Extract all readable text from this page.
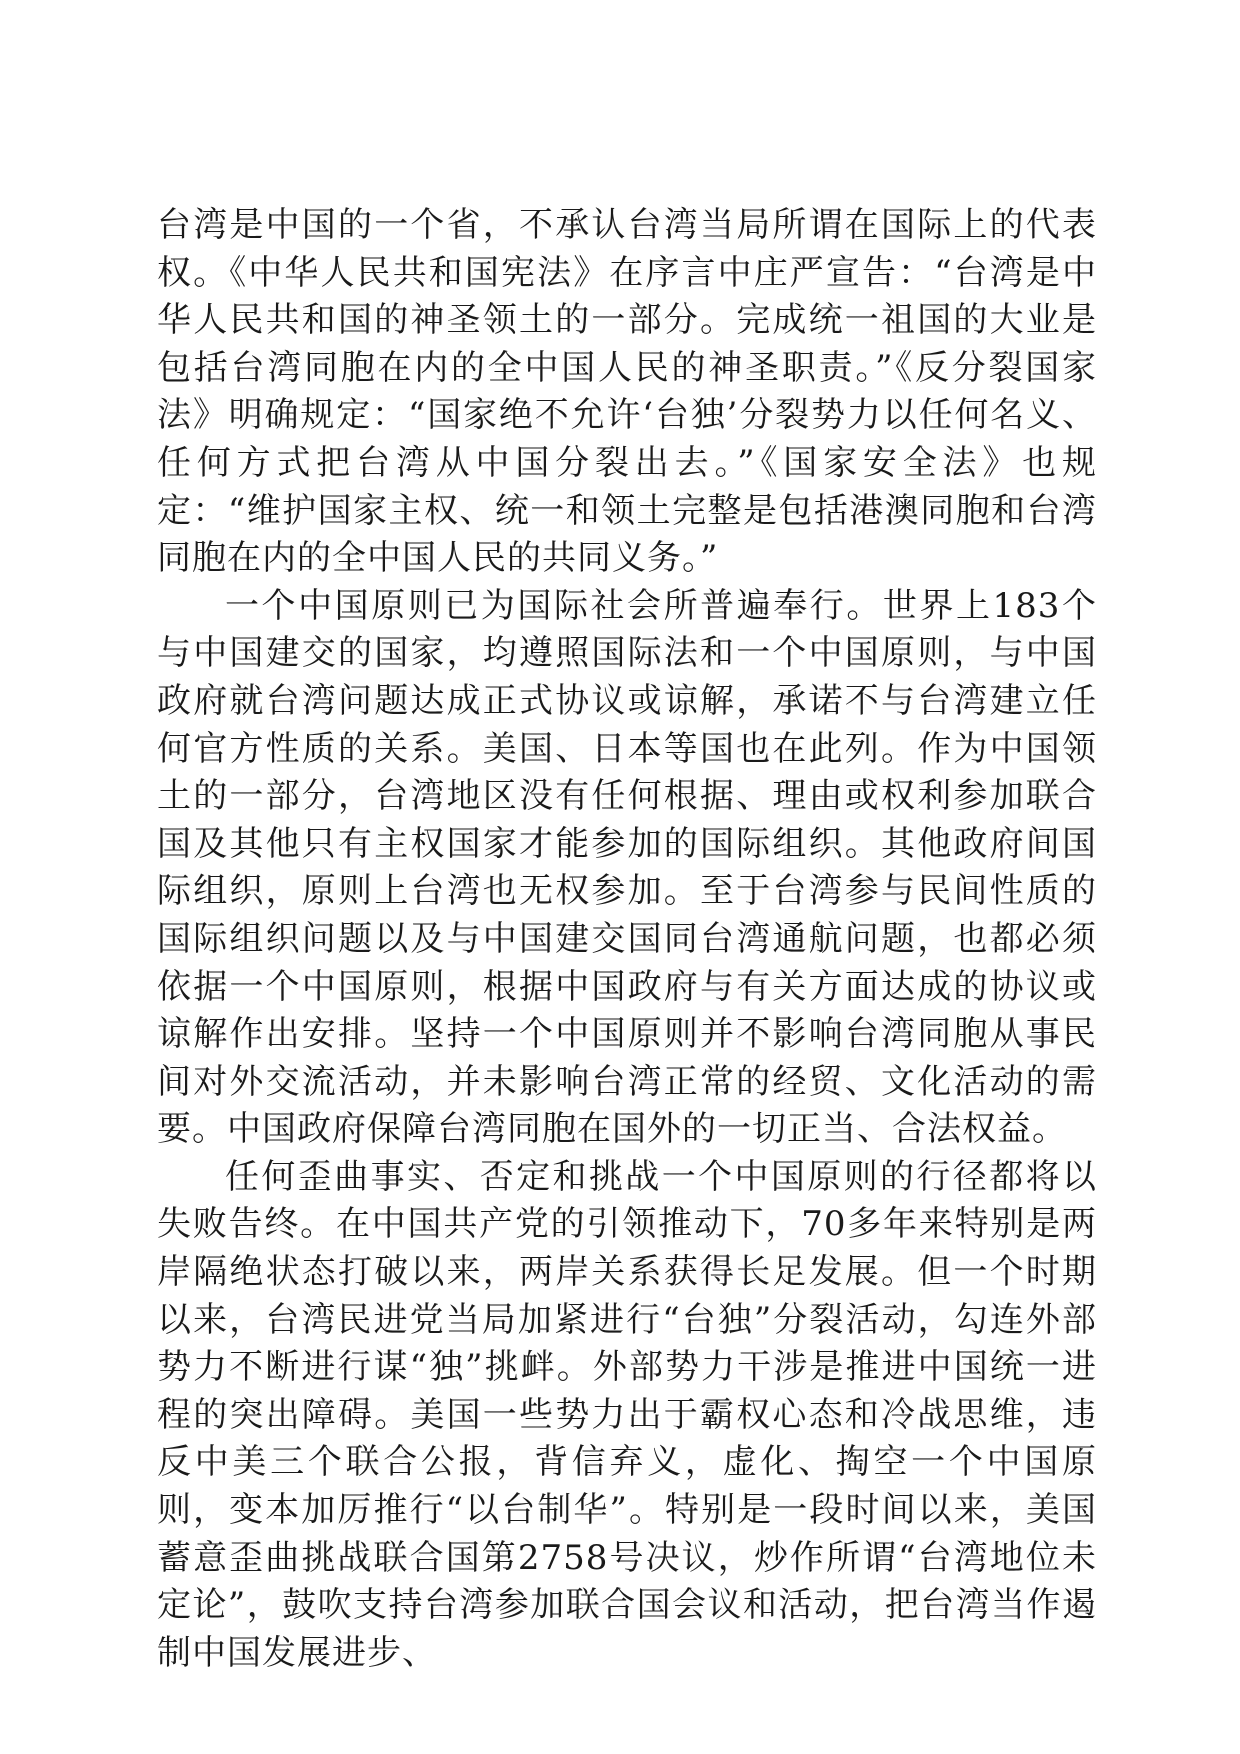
台湾是中国的一个省，不承认台湾当局所谓在国际上的代表权。《中华人民共和国宪法》在序言中庄严宣告：“台湾是中华人民共和国的神圣领土的一部分。完成统一祖国的大业是包括台湾同胞在内的全中国人民的神圣职责。”《反分裂国家法》明确规定：“国家绝不允许‘台独’分裂势力以任何名义、任何方式把台湾从中国分裂出去。”《国家安全法》也规定：“维护国家主权、统一和领土完整是包括港澳同胞和台湾同胞在内的全中国人民的共同义务。”

一个中国原则已为国际社会所普遍奉行。世界上183个与中国建交的国家，均遵照国际法和一个中国原则，与中国政府就台湾问题达成正式协议或谅解，承诺不与台湾建立任何官方性质的关系。美国、日本等国也在此列。作为中国领土的一部分，台湾地区没有任何根据、理由或权利参加联合国及其他只有主权国家才能参加的国际组织。其他政府间国际组织，原则上台湾也无权参加。至于台湾参与民间性质的国际组织问题以及与中国建交国同台湾通航问题，也都必须依据一个中国原则，根据中国政府与有关方面达成的协议或谅解作出安排。坚持一个中国原则并不影响台湾同胞从事民间对外交流活动，并未影响台湾正常的经贸、文化活动的需要。中国政府保障台湾同胞在国外的一切正当、合法权益。

任何歪曲事实、否定和挑战一个中国原则的行径都将以失败告终。在中国共产党的引领推动下，70多年来特别是两岸隔绝状态打破以来，两岸关系获得长足发展。但一个时期以来，台湾民进党当局加紧进行“台独”分裂活动，勾连外部势力不断进行谋“独”挑衅。外部势力干涉是推进中国统一进程的突出障碍。美国一些势力出于霸权心态和冷战思维，违反中美三个联合公报，背信弃义，虚化、掏空一个中国原则，变本加厉推行“以台制华”。特别是一段时间以来，美国蓄意歪曲挑战联合国第2758号决议，炒作所谓“台湾地位未定论”，鼓吹支持台湾参加联合国会议和活动，把台湾当作遏制中国发展进步、
